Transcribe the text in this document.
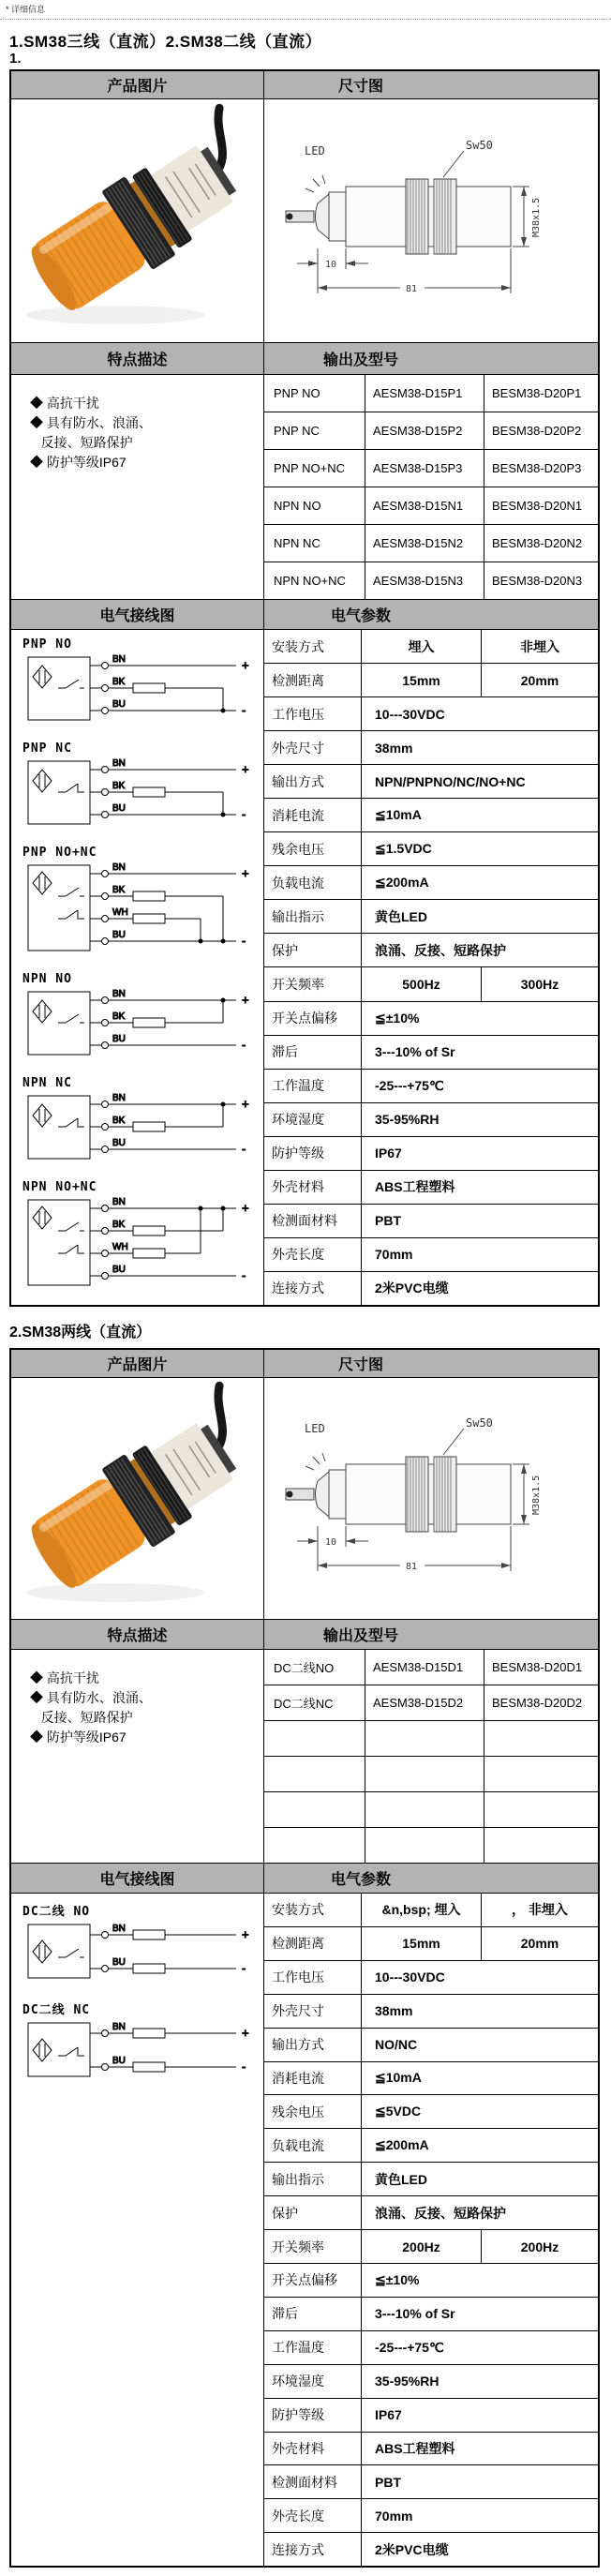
* 详细信息
1.SM38三线（直流）2.SM38二线（直流）
1.
产品图片	尺寸图
LED	Sw50
M38x1.5
10
81
特点描述	输出及型号
◆ 高抗干扰
◆ 具有防水、浪涌、
反接、短路保护
◆ 防护等级IP67
PNP NO	AESM38-D15P1	BESM38-D20P1
PNP NC	AESM38-D15P2	BESM38-D20P2
PNP NO+NC	AESM38-D15P3	BESM38-D20P3
NPN NO	AESM38-D15N1	BESM38-D20N1
NPN NC	AESM38-D15N2	BESM38-D20N2
NPN NO+NC	AESM38-D15N3	BESM38-D20N3
电气接线图	电气参数
PNP NO
BN	+
BK
BU	-
PNP NC
BN	+
BK
BU	-
PNP NO+NC
BN	+
BK
WH
BU	-
NPN NO
BN	+
BK
BU	-
NPN NC
BN	+
BK
BU	-
NPN NO+NC
BN	+
BK
WH
BU	-
安装方式	埋入	非埋入
检测距离	15mm	20mm
工作电压	10---30VDC
外壳尺寸	38mm
输出方式	NPN/PNPNO/NC/NO+NC
消耗电流	≦10mA
残余电压	≦1.5VDC
负载电流	≦200mA
输出指示	黄色LED
保护	浪涌、反接、短路保护
开关频率	500Hz	300Hz
开关点偏移	≦±10%
滞后	3---10% of Sr
工作温度	-25---+75℃
环境湿度	35-95%RH
防护等级	IP67
外壳材料	ABS工程塑料
检测面材料	PBT
外壳长度	70mm
连接方式	2米PVC电缆
2.SM38两线（直流）
产品图片	尺寸图
LED	Sw50
M38x1.5
10
81
特点描述	输出及型号
◆ 高抗干扰
◆ 具有防水、浪涌、
反接、短路保护
◆ 防护等级IP67
DC二线NO	AESM38-D15D1	BESM38-D20D1
DC二线NC	AESM38-D15D2	BESM38-D20D2
电气接线图	电气参数
DC二线 NO
BN	+
BU	-
DC二线 NC
BN	+
BU	-
安装方式	&n,bsp; 埋入	， 非埋入
检测距离	15mm	20mm
工作电压	10---30VDC
外壳尺寸	38mm
输出方式	NO/NC
消耗电流	≦10mA
残余电压	≦5VDC
负载电流	≦200mA
输出指示	黄色LED
保护	浪涌、反接、短路保护
开关频率	200Hz	200Hz
开关点偏移	≦±10%
滞后	3---10% of Sr
工作温度	-25---+75℃
环境湿度	35-95%RH
防护等级	IP67
外壳材料	ABS工程塑料
检测面材料	PBT
外壳长度	70mm
连接方式	2米PVC电缆
